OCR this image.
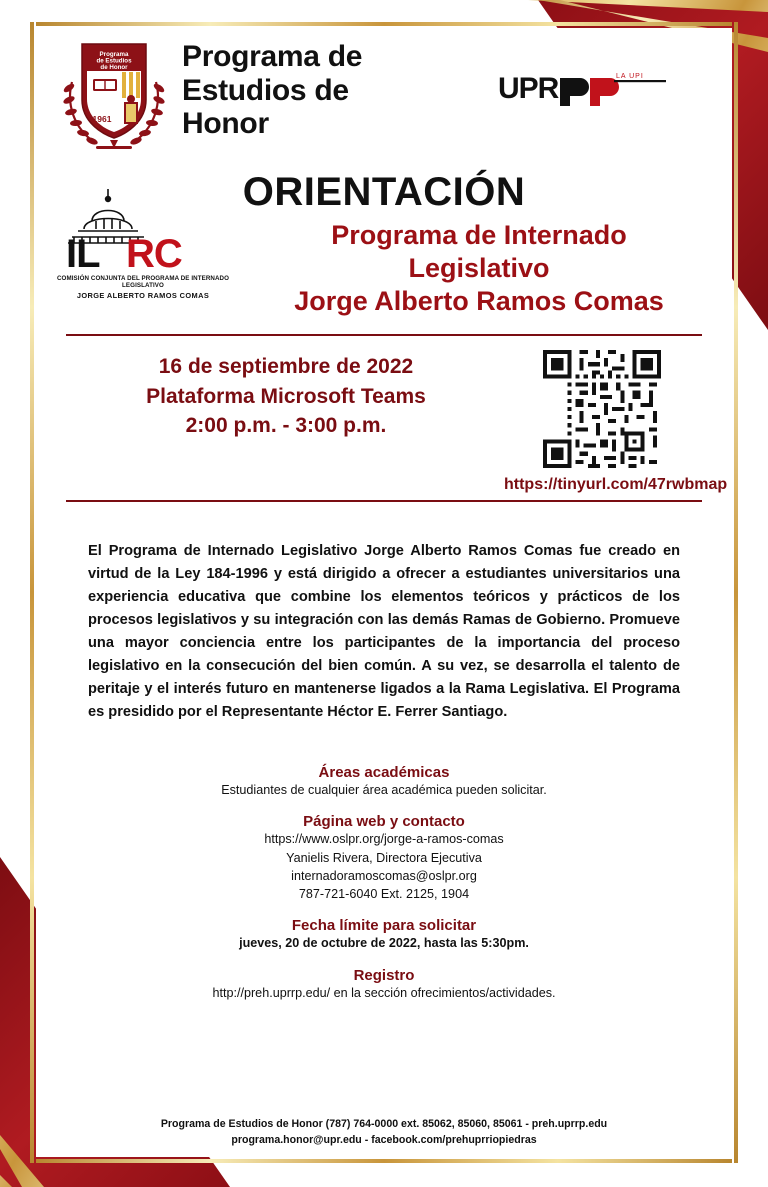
Programa
de Estudios
de Honor
1961
Programa de
Estudios de
Honor
UPR	LA UPI
ORIENTACIÓN
IL RC
COMISIÓN CONJUNTA DEL PROGRAMA DE INTERNADO LEGISLATIVO
JORGE ALBERTO RAMOS COMAS
Programa de Internado
Legislativo
Jorge Alberto Ramos Comas
16 de septiembre de 2022
Plataforma Microsoft Teams
2:00 p.m. - 3:00 p.m.
https://tinyurl.com/47rwbmap
El Programa de Internado Legislativo Jorge Alberto Ramos Comas fue creado en virtud de la Ley 184-1996 y está dirigido a ofrecer a estudiantes universitarios una experiencia educativa que combine los elementos teóricos y prácticos de los procesos legislativos y su integración con las demás Ramas de Gobierno. Promueve una mayor conciencia entre los participantes de la importancia del proceso legislativo en la consecución del bien común. A su vez, se desarrolla el talento de peritaje y el interés futuro en mantenerse ligados a la Rama Legislativa. El Programa es presidido por el Representante Héctor E. Ferrer Santiago.
Áreas académicas
Estudiantes de cualquier área académica pueden solicitar.
Página web y contacto
https://www.oslpr.org/jorge-a-ramos-comas
Yanielis Rivera, Directora Ejecutiva
internadoramoscomas@oslpr.org
787-721-6040 Ext. 2125, 1904
Fecha límite para solicitar
jueves, 20 de octubre de 2022, hasta las 5:30pm.
Registro
http://preh.uprrp.edu/ en la sección ofrecimientos/actividades.
Programa de Estudios de Honor (787) 764-0000 ext. 85062, 85060, 85061 - preh.uprrp.edu
programa.honor@upr.edu - facebook.com/prehuprriopiedras
